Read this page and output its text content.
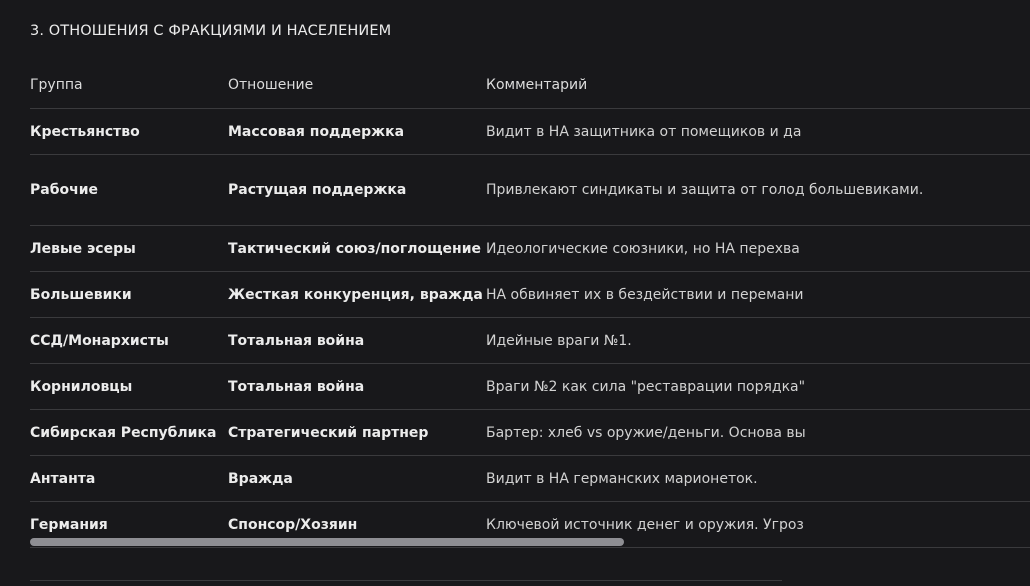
3. ОТНОШЕНИЯ С ФРАКЦИЯМИ И НАСЕЛЕНИЕМ
Группа	Отношение	Комментарий
Крестьянство	Массовая поддержка	Видит в НА защитника от помещиков и да
Рабочие	Растущая поддержка	Привлекают синдикаты и защита от голод большевиками.
Левые эсеры	Тактический союз/поглощение	Идеологические союзники, но НА перехва
Большевики	Жесткая конкуренция, вражда	НА обвиняет их в бездействии и перемани
ССД/Монархисты	Тотальная война	Идейные враги №1.
Корниловцы	Тотальная война	Враги №2 как сила "реставрации порядка"
Сибирская Республика	Стратегический партнер	Бартер: хлеб vs оружие/деньги. Основа вы
Антанта	Вражда	Видит в НА германских марионеток.
Германия	Спонсор/Хозяин	Ключевой источник денег и оружия. Угроз
